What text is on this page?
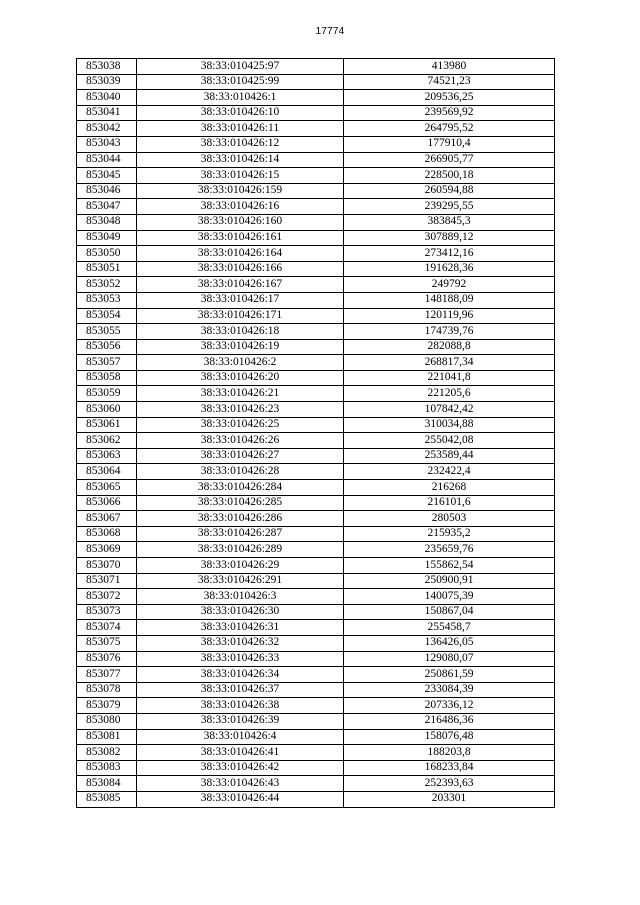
17774
853038	38:33:010425:97	413980
853039	38:33:010425:99	74521,23
853040	38:33:010426:1	209536,25
853041	38:33:010426:10	239569,92
853042	38:33:010426:11	264795,52
853043	38:33:010426:12	177910,4
853044	38:33:010426:14	266905,77
853045	38:33:010426:15	228500,18
853046	38:33:010426:159	260594,88
853047	38:33:010426:16	239295,55
853048	38:33:010426:160	383845,3
853049	38:33:010426:161	307889,12
853050	38:33:010426:164	273412,16
853051	38:33:010426:166	191628,36
853052	38:33:010426:167	249792
853053	38:33:010426:17	148188,09
853054	38:33:010426:171	120119,96
853055	38:33:010426:18	174739,76
853056	38:33:010426:19	282088,8
853057	38:33:010426:2	268817,34
853058	38:33:010426:20	221041,8
853059	38:33:010426:21	221205,6
853060	38:33:010426:23	107842,42
853061	38:33:010426:25	310034,88
853062	38:33:010426:26	255042,08
853063	38:33:010426:27	253589,44
853064	38:33:010426:28	232422,4
853065	38:33:010426:284	216268
853066	38:33:010426:285	216101,6
853067	38:33:010426:286	280503
853068	38:33:010426:287	215935,2
853069	38:33:010426:289	235659,76
853070	38:33:010426:29	155862,54
853071	38:33:010426:291	250900,91
853072	38:33:010426:3	140075,39
853073	38:33:010426:30	150867,04
853074	38:33:010426:31	255458,7
853075	38:33:010426:32	136426,05
853076	38:33:010426:33	129080,07
853077	38:33:010426:34	250861,59
853078	38:33:010426:37	233084,39
853079	38:33:010426:38	207336,12
853080	38:33:010426:39	216486,36
853081	38:33:010426:4	158076,48
853082	38:33:010426:41	188203,8
853083	38:33:010426:42	168233,84
853084	38:33:010426:43	252393,63
853085	38:33:010426:44	203301
